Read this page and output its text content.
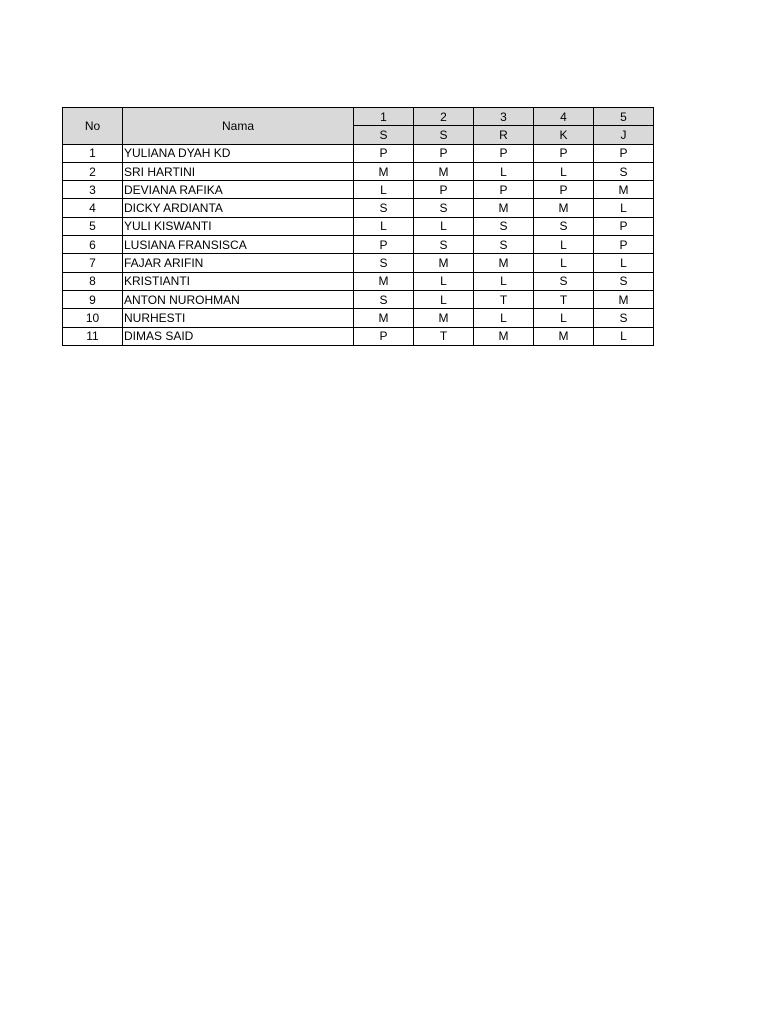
No	Nama	1	2	3	4	5
		S	S	R	K	J
1	YULIANA DYAH KD	P	P	P	P	P
2	SRI HARTINI	M	M	L	L	S
3	DEVIANA RAFIKA	L	P	P	P	M
4	DICKY ARDIANTA	S	S	M	M	L
5	YULI KISWANTI	L	L	S	S	P
6	LUSIANA FRANSISCA	P	S	S	L	P
7	FAJAR ARIFIN	S	M	M	L	L
8	KRISTIANTI	M	L	L	S	S
9	ANTON NUROHMAN	S	L	T	T	M
10	NURHESTI	M	M	L	L	S
11	DIMAS SAID	P	T	M	M	L
